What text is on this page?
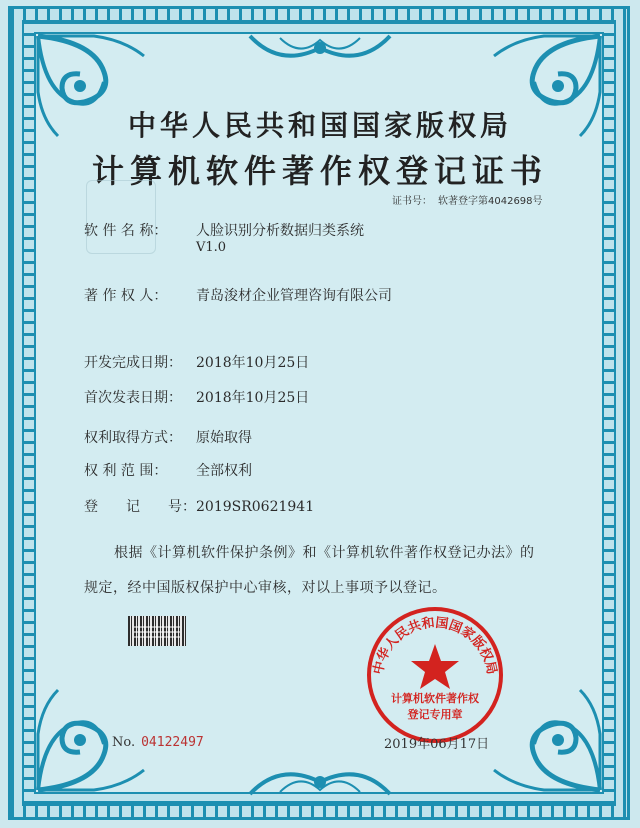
中华人民共和国国家版权局
计算机软件著作权登记证书
证书号： 软著登字第4042698号
软 件 名 称： 人脸识别分析数据归类系统
V1.0
著 作 权 人： 青岛浚材企业管理咨询有限公司
开发完成日期： 2018年10月25日
首次发表日期： 2018年10月25日
权利取得方式： 原始取得
权 利 范 围： 全部权利
登　　记　　号：2019SR0621941
根据《计算机软件保护条例》和《计算机软件著作权登记办法》的
规定，经中国版权保护中心审核，对以上事项予以登记。
中华人民共和国国家版权局
计算机软件著作权
登记专用章
No. 04122497	2019年06月17日
